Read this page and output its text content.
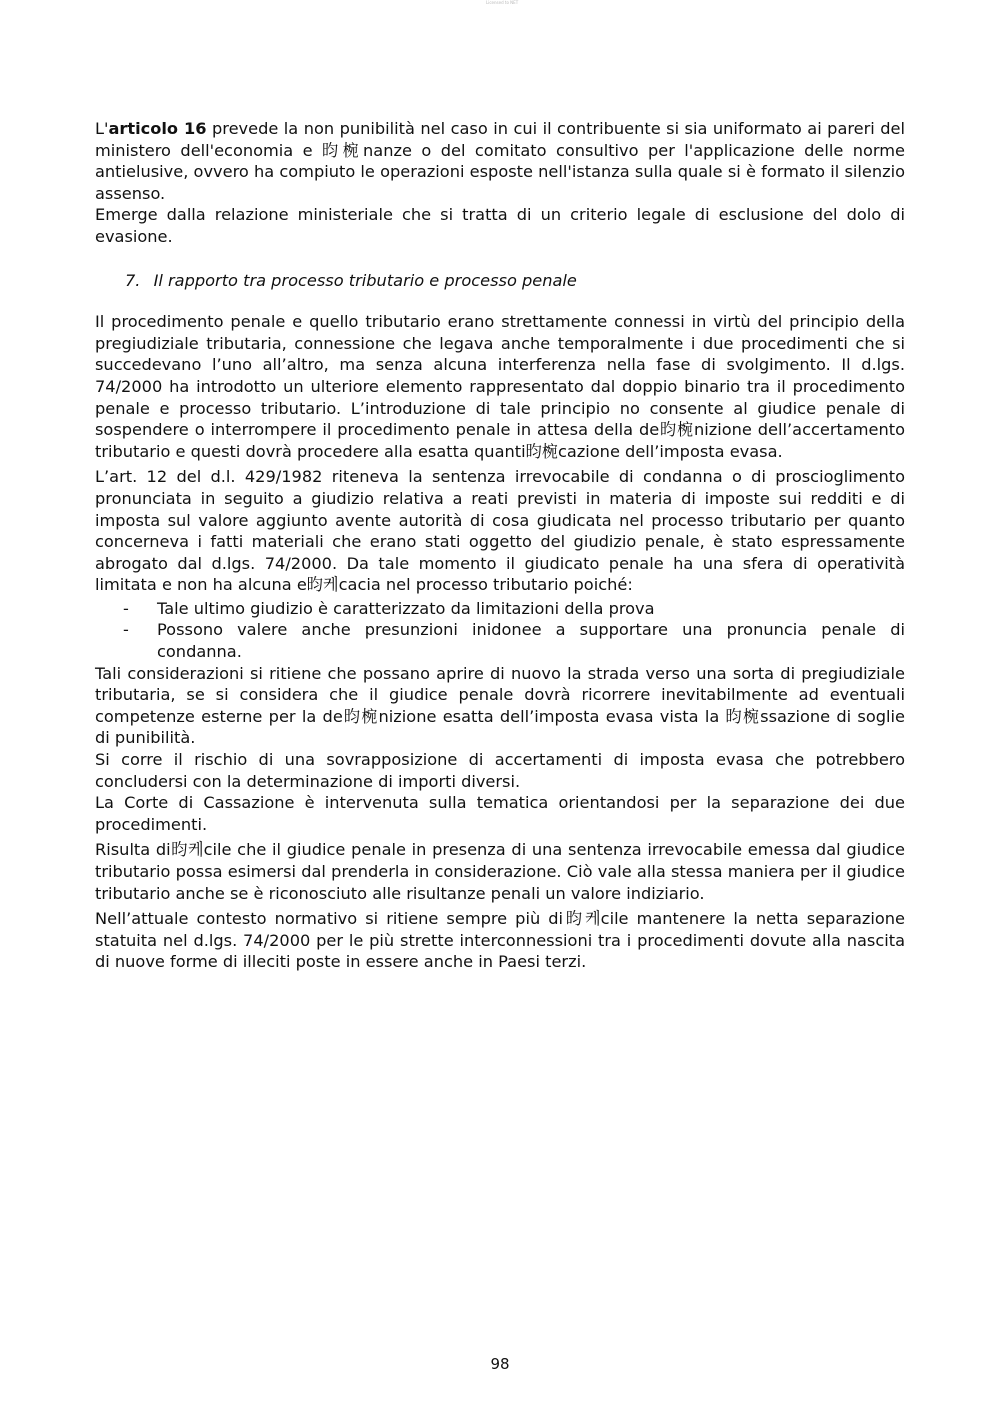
Licensed to NET

L'articolo 16 prevede la non punibilità nel caso in cui il contribuente si sia uniformato ai pareri del ministero dell'economia e 昀椀nanze o del comitato consultivo per l'applicazione delle norme antielusive, ovvero ha compiuto le operazioni esposte nell'istanza sulla quale si è formato il silenzio assenso.

Emerge dalla relazione ministeriale che si tratta di un criterio legale di esclusione del dolo di evasione.

7. Il rapporto tra processo tributario e processo penale

Il procedimento penale e quello tributario erano strettamente connessi in virtù del principio della pregiudiziale tributaria, connessione che legava anche temporalmente i due procedimenti che si succedevano l’uno all’altro, ma senza alcuna interferenza nella fase di svolgimento. Il d.lgs. 74/2000 ha introdotto un ulteriore elemento rappresentato dal doppio binario tra il procedimento penale e processo tributario. L’introduzione di tale principio no consente al giudice penale di sospendere o interrompere il procedimento penale in attesa della de昀椀nizione dell’accertamento tributario e questi dovrà procedere alla esatta quanti昀椀cazione dell’imposta evasa.

L’art. 12 del d.l. 429/1982 riteneva la sentenza irrevocabile di condanna o di proscioglimento pronunciata in seguito a giudizio relativa a reati previsti in materia di imposte sui redditi e di imposta sul valore aggiunto avente autorità di cosa giudicata nel processo tributario per quanto concerneva i fatti materiali che erano stati oggetto del giudizio penale, è stato espressamente abrogato dal d.lgs. 74/2000. Da tale momento il giudicato penale ha una sfera di operatività limitata e non ha alcuna e昀케cacia nel processo tributario poiché:

- Tale ultimo giudizio è caratterizzato da limitazioni della prova
- Possono valere anche presunzioni inidonee a supportare una pronuncia penale di condanna.

Tali considerazioni si ritiene che possano aprire di nuovo la strada verso una sorta di pregiudiziale tributaria, se si considera che il giudice penale dovrà ricorrere inevitabilmente ad eventuali competenze esterne per la de昀椀nizione esatta dell’imposta evasa vista la 昀椀ssazione di soglie di punibilità.

Si corre il rischio di una sovrapposizione di accertamenti di imposta evasa che potrebbero concludersi con la determinazione di importi diversi.

La Corte di Cassazione è intervenuta sulla tematica orientandosi per la separazione dei due procedimenti.

Risulta di昀케cile che il giudice penale in presenza di una sentenza irrevocabile emessa dal giudice tributario possa esimersi dal prenderla in considerazione. Ciò vale alla stessa maniera per il giudice tributario anche se è riconosciuto alle risultanze penali un valore indiziario.

Nell’attuale contesto normativo si ritiene sempre più di昀케cile mantenere la netta separazione statuita nel d.lgs. 74/2000 per le più strette interconnessioni tra i procedimenti dovute alla nascita di nuove forme di illeciti poste in essere anche in Paesi terzi.

98
